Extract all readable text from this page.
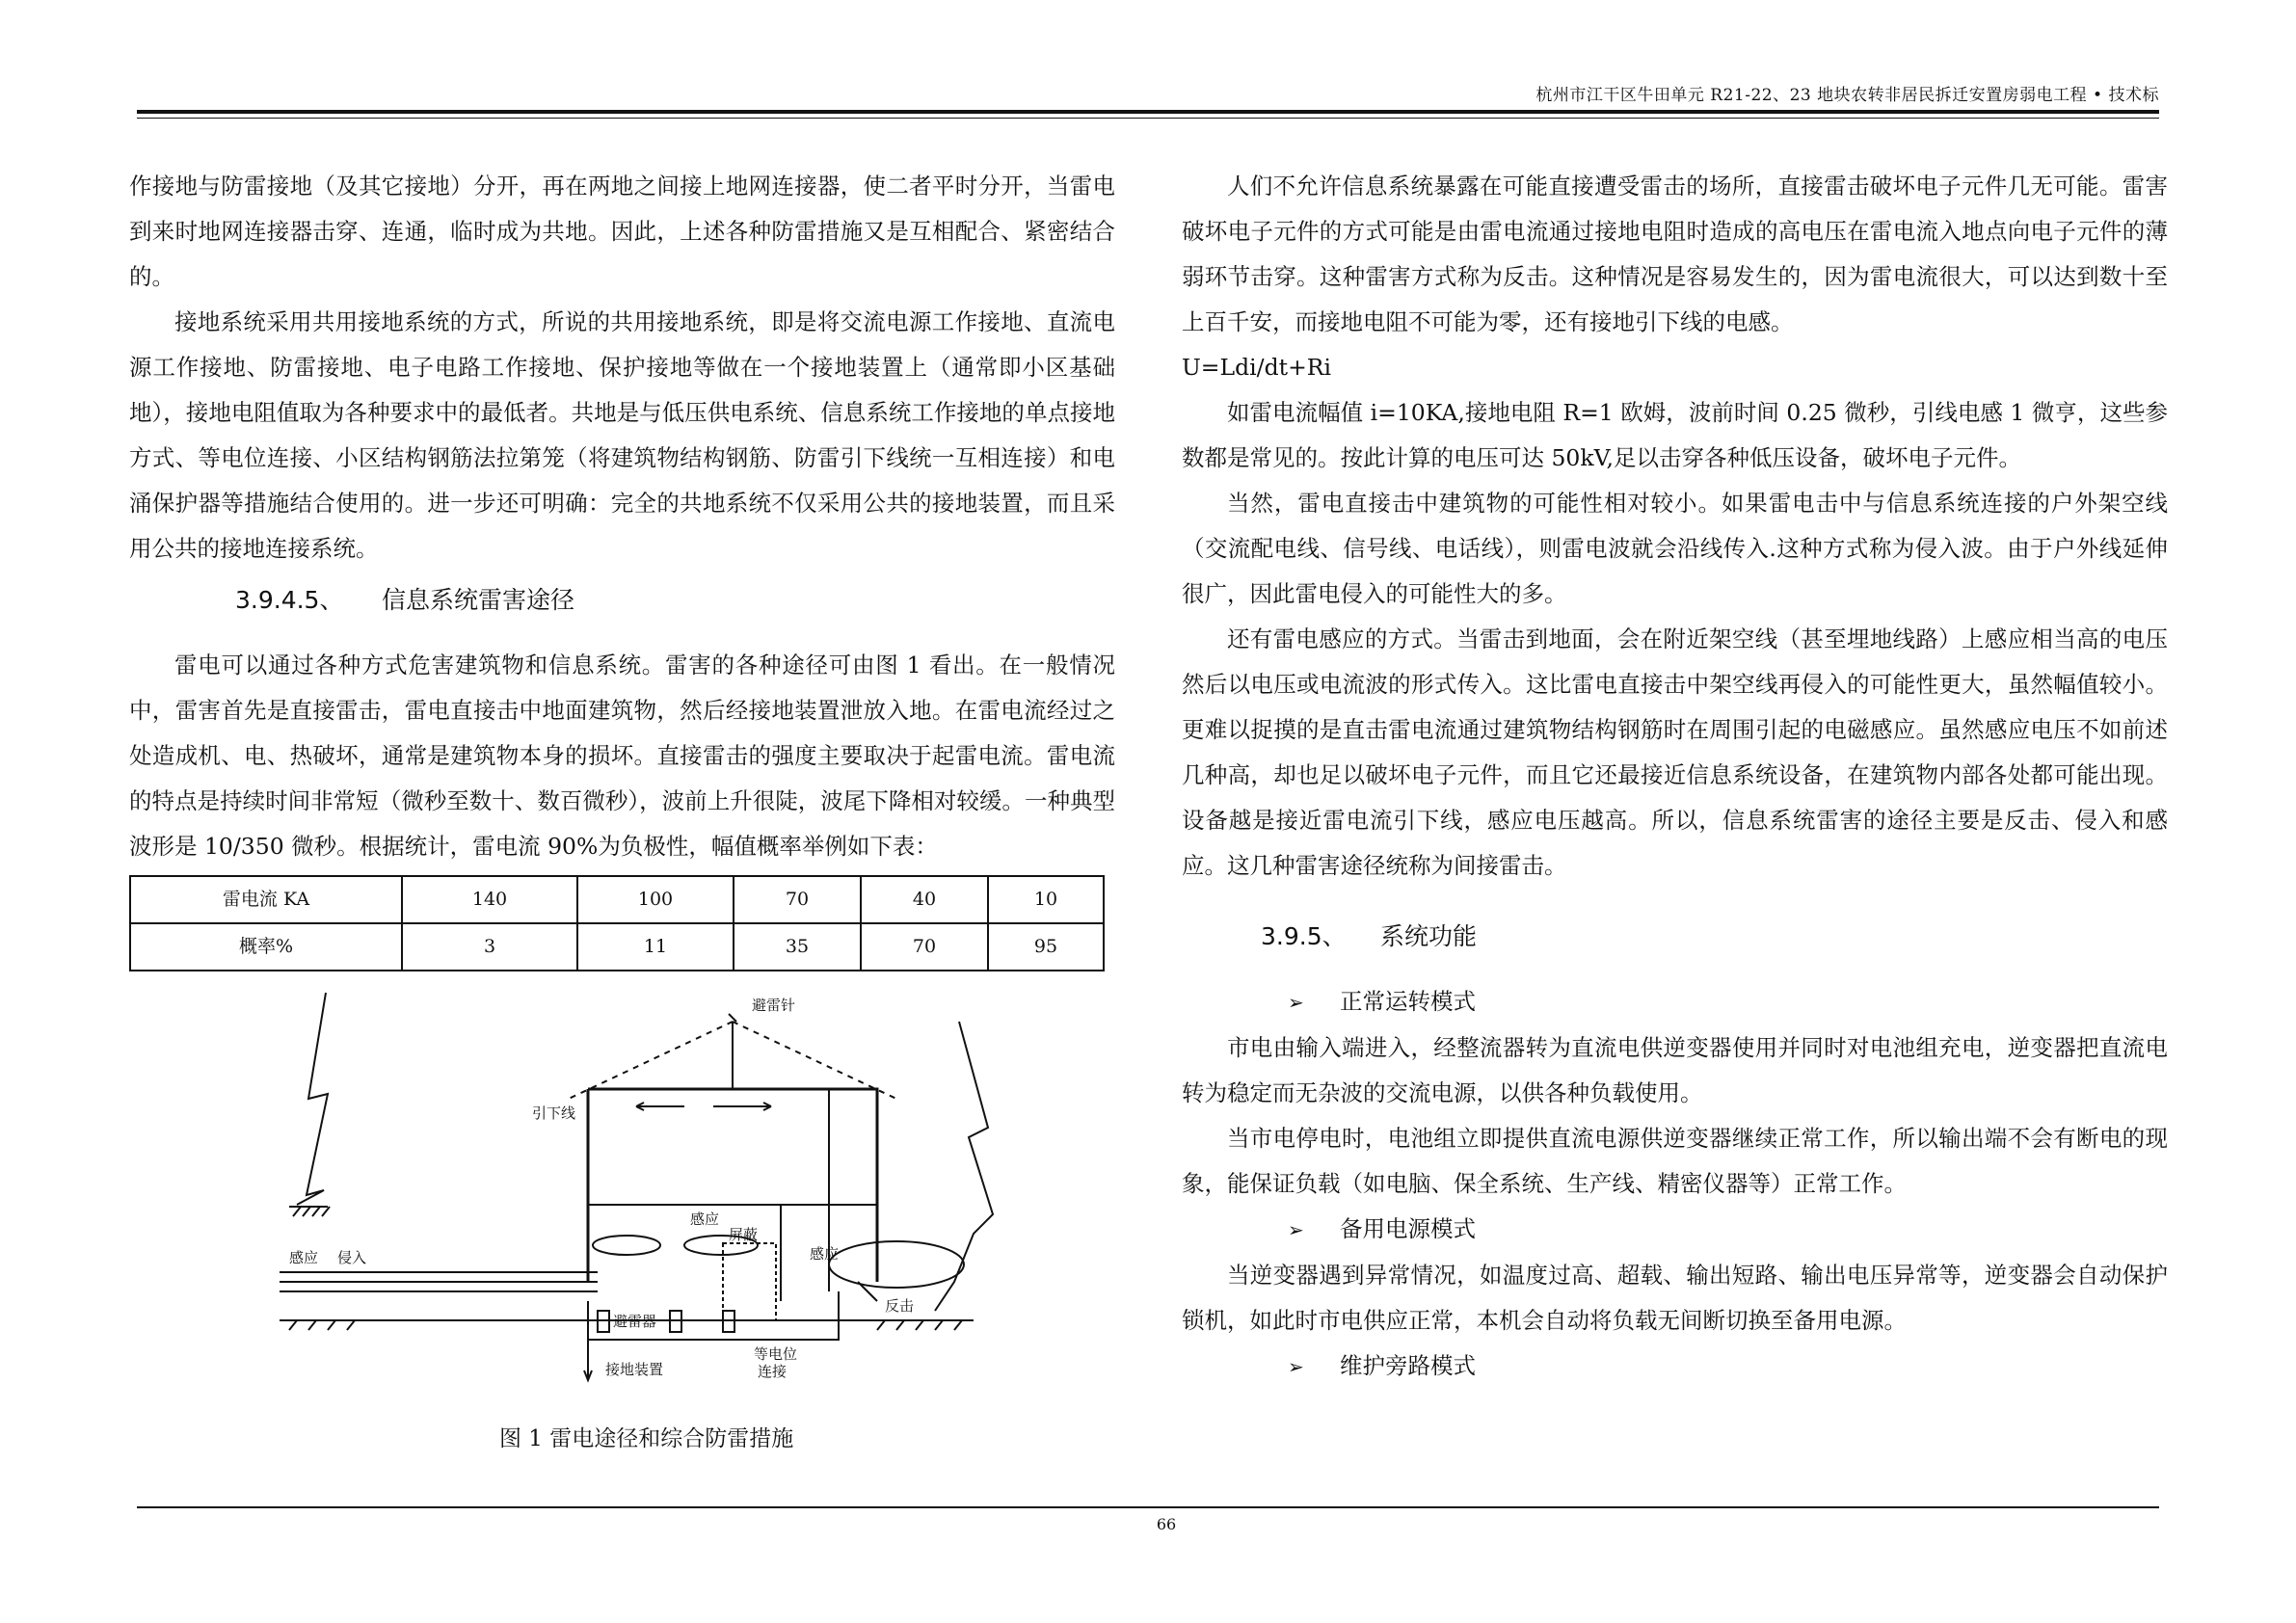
杭州市江干区牛田单元 R21-22、23 地块农转非居民拆迁安置房弱电工程 • 技术标

作接地与防雷接地（及其它接地）分开，再在两地之间接上地网连接器，使二者平时分开，当雷电到来时地网连接器击穿、连通，临时成为共地。因此，上述各种防雷措施又是互相配合、紧密结合的。

接地系统采用共用接地系统的方式，所说的共用接地系统，即是将交流电源工作接地、直流电源工作接地、防雷接地、电子电路工作接地、保护接地等做在一个接地装置上（通常即小区基础地），接地电阻值取为各种要求中的最低者。共地是与低压供电系统、信息系统工作接地的单点接地方式、等电位连接、小区结构钢筋法拉第笼（将建筑物结构钢筋、防雷引下线统一互相连接）和电涌保护器等措施结合使用的。进一步还可明确：完全的共地系统不仅采用公共的接地装置，而且采用公共的接地连接系统。

3.9.4.5、 信息系统雷害途径

雷电可以通过各种方式危害建筑物和信息系统。雷害的各种途径可由图 1 看出。在一般情况中，雷害首先是直接雷击，雷电直接击中地面建筑物，然后经接地装置泄放入地。在雷电流经过之处造成机、电、热破坏，通常是建筑物本身的损坏。直接雷击的强度主要取决于起雷电流。雷电流的特点是持续时间非常短（微秒至数十、数百微秒），波前上升很陡，波尾下降相对较缓。一种典型波形是 10/350 微秒。根据统计，雷电流 90%为负极性，幅值概率举例如下表：

雷电流 KA	140	100	70	40	10
概率%	3	11	35	70	95
避雷针
引下线
感应
感应 侵入	感应
屏蔽
避雷器
接地装置
等电位
连接
反击
图 1 雷电途径和综合防雷措施

人们不允许信息系统暴露在可能直接遭受雷击的场所，直接雷击破坏电子元件几无可能。雷害破坏电子元件的方式可能是由雷电流通过接地电阻时造成的高电压在雷电流入地点向电子元件的薄弱环节击穿。这种雷害方式称为反击。这种情况是容易发生的，因为雷电流很大，可以达到数十至上百千安，而接地电阻不可能为零，还有接地引下线的电感。

U=Ldi/dt+Ri

如雷电流幅值 i=10KA,接地电阻 R=1 欧姆，波前时间 0.25 微秒，引线电感 1 微亨，这些参数都是常见的。按此计算的电压可达 50kV,足以击穿各种低压设备，破坏电子元件。

当然，雷电直接击中建筑物的可能性相对较小。如果雷电击中与信息系统连接的户外架空线（交流配电线、信号线、电话线），则雷电波就会沿线传入.这种方式称为侵入波。由于户外线延伸很广，因此雷电侵入的可能性大的多。

还有雷电感应的方式。当雷击到地面，会在附近架空线（甚至埋地线路）上感应相当高的电压然后以电压或电流波的形式传入。这比雷电直接击中架空线再侵入的可能性更大，虽然幅值较小。更难以捉摸的是直击雷电流通过建筑物结构钢筋时在周围引起的电磁感应。虽然感应电压不如前述几种高，却也足以破坏电子元件，而且它还最接近信息系统设备，在建筑物内部各处都可能出现。设备越是接近雷电流引下线，感应电压越高。所以，信息系统雷害的途径主要是反击、侵入和感应。这几种雷害途径统称为间接雷击。

3.9.5、 系统功能

➢ 正常运转模式

市电由输入端进入，经整流器转为直流电供逆变器使用并同时对电池组充电，逆变器把直流电转为稳定而无杂波的交流电源，以供各种负载使用。

当市电停电时，电池组立即提供直流电源供逆变器继续正常工作，所以输出端不会有断电的现象，能保证负载（如电脑、保全系统、生产线、精密仪器等）正常工作。

➢ 备用电源模式

当逆变器遇到异常情况，如温度过高、超载、输出短路、输出电压异常等，逆变器会自动保护锁机，如此时市电供应正常，本机会自动将负载无间断切换至备用电源。

➢ 维护旁路模式

66
